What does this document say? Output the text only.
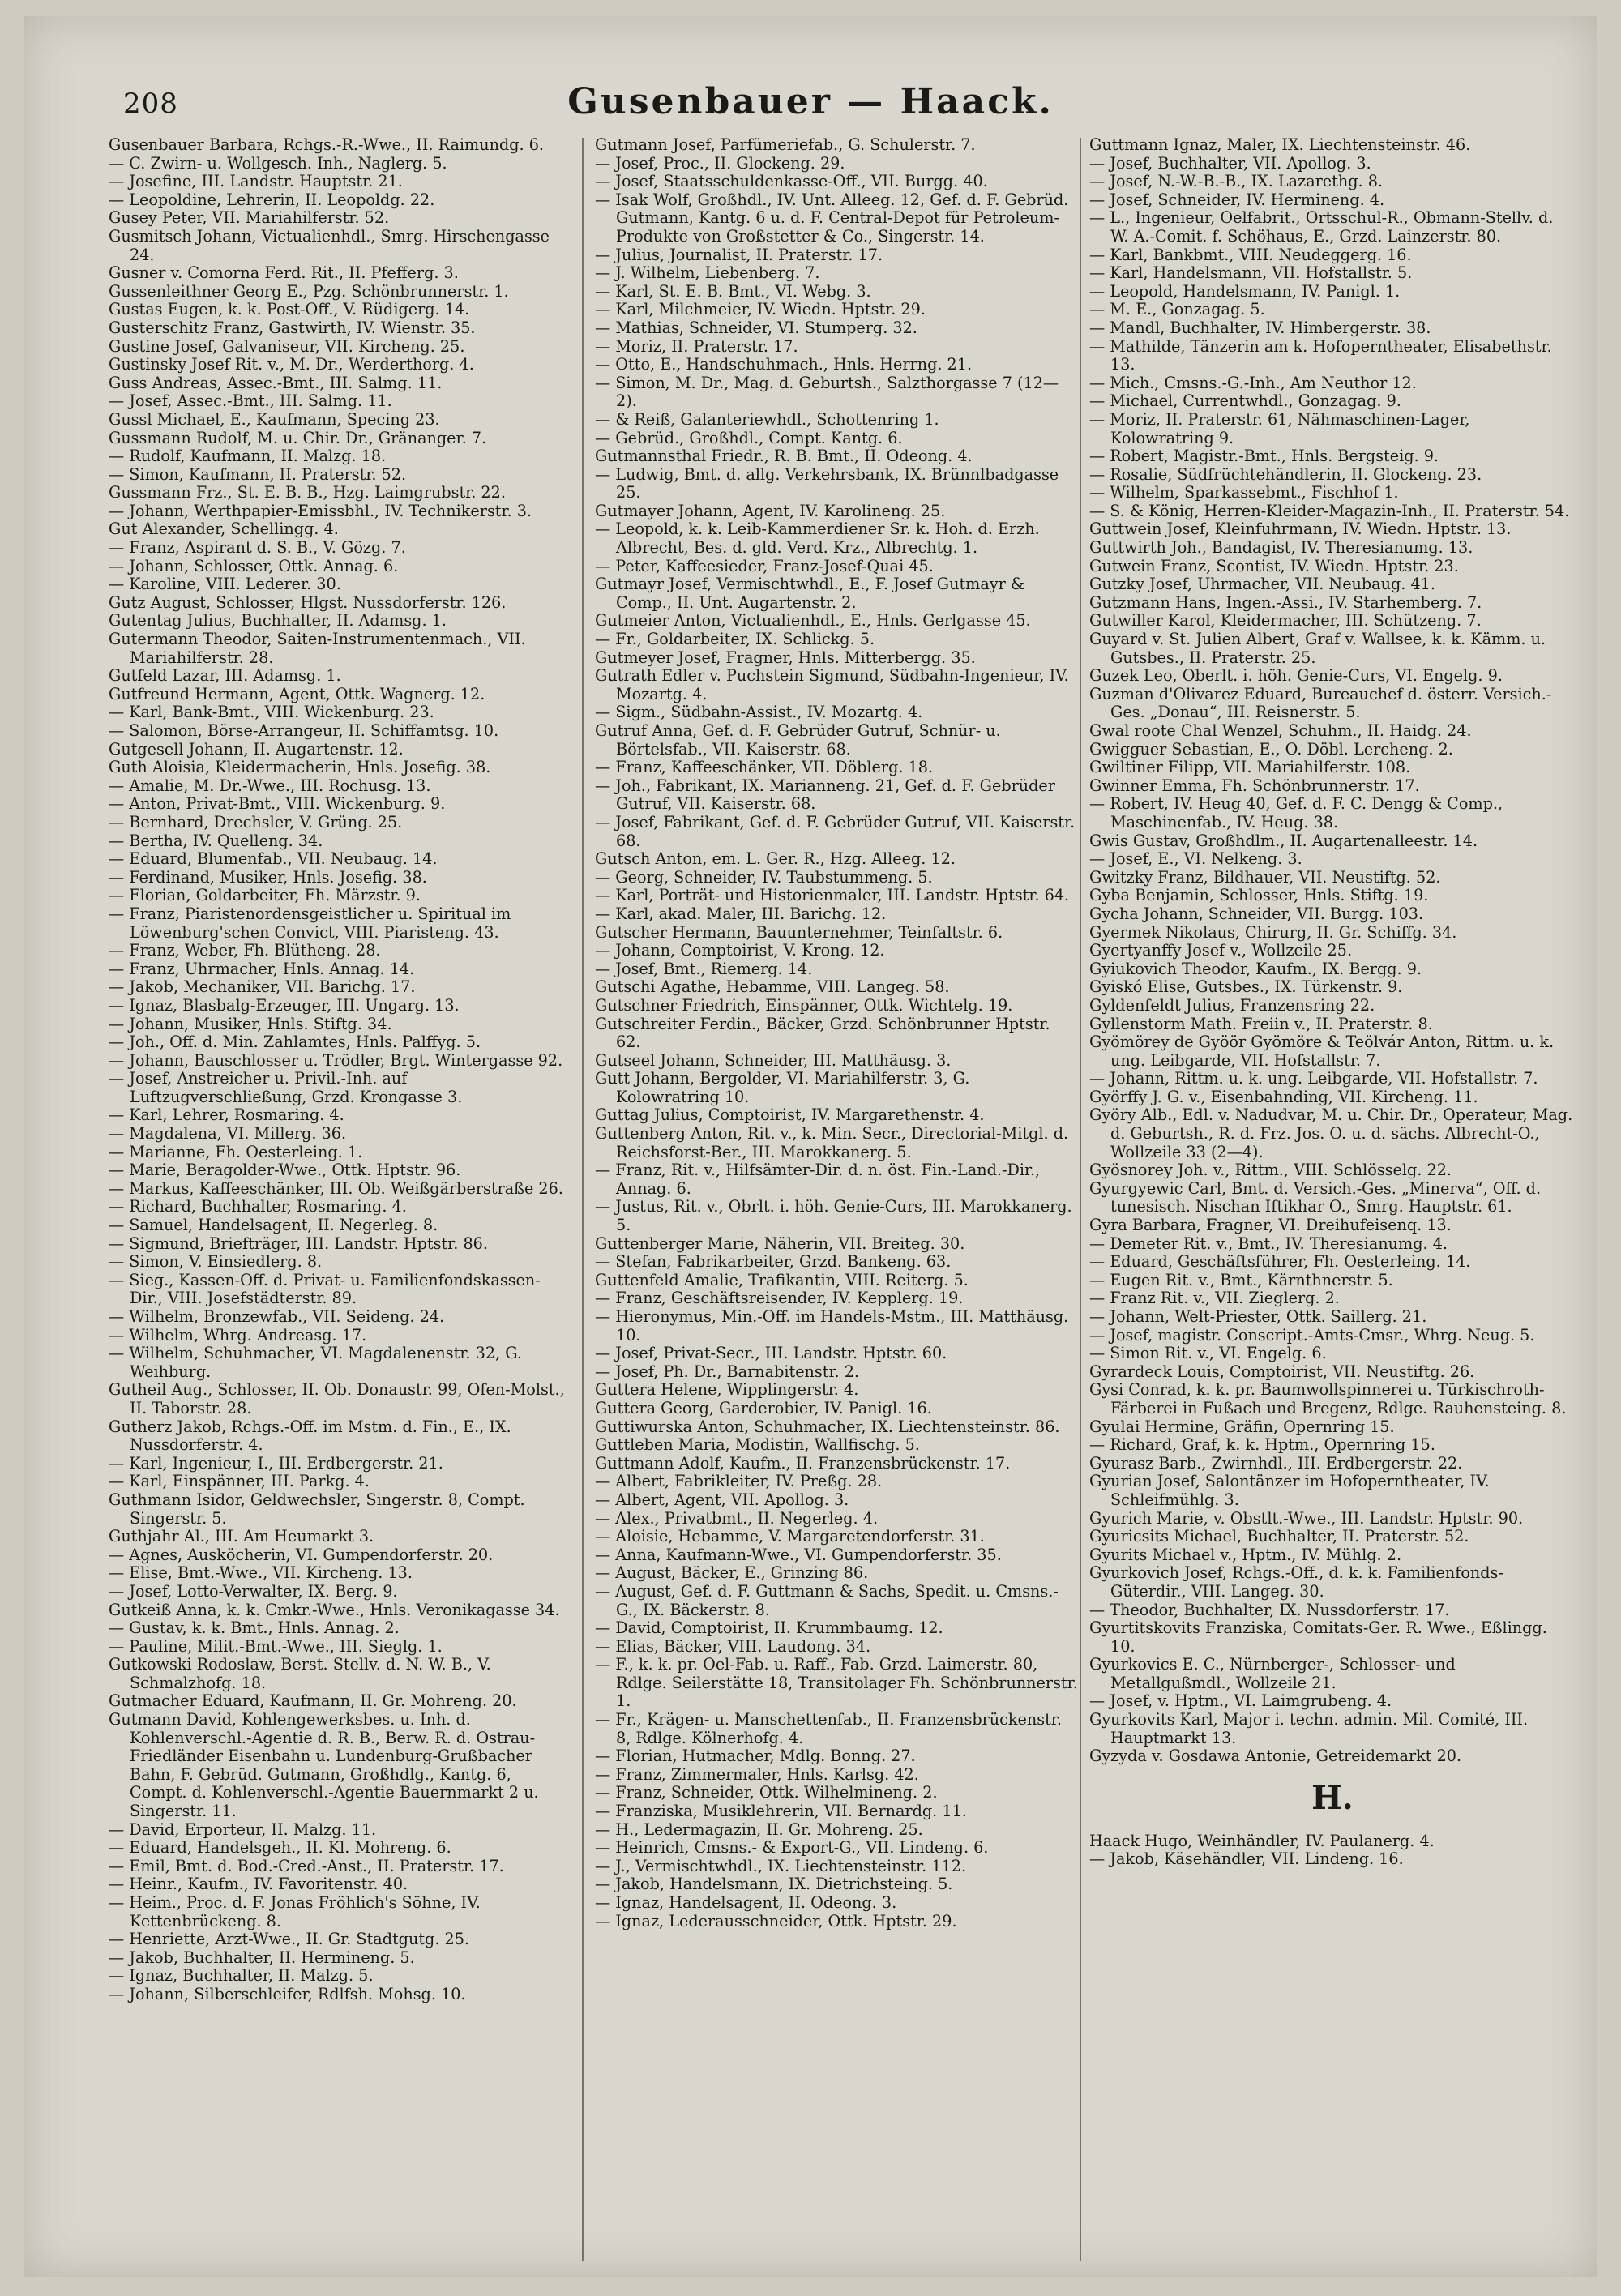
208	Gusenbauer — Haack.
Gusenbauer Barbara, Rchgs.-R.-Wwe., II. Raimundg. 6.
— C. Zwirn- u. Wollgesch. Inh., Naglerg. 5.
— Josefine, III. Landstr. Hauptstr. 21.
— Leopoldine, Lehrerin, II. Leopoldg. 22.
Gusey Peter, VII. Mariahilferstr. 52.
Gusmitsch Johann, Victualienhdl., Smrg. Hirschengasse 24.
Gusner v. Comorna Ferd. Rit., II. Pfefferg. 3.
Gussenleithner Georg E., Pzg. Schönbrunnerstr. 1.
Gustas Eugen, k. k. Post-Off., V. Rüdigerg. 14.
Gusterschitz Franz, Gastwirth, IV. Wienstr. 35.
Gustine Josef, Galvaniseur, VII. Kircheng. 25.
Gustinsky Josef Rit. v., M. Dr., Werderthorg. 4.
Guss Andreas, Assec.-Bmt., III. Salmg. 11.
— Josef, Assec.-Bmt., III. Salmg. 11.
Gussl Michael, E., Kaufmann, Specing 23.
Gussmann Rudolf, M. u. Chir. Dr., Gränanger. 7.
— Rudolf, Kaufmann, II. Malzg. 18.
— Simon, Kaufmann, II. Praterstr. 52.
Gussmann Frz., St. E. B. B., Hzg. Laimgrubstr. 22.
— Johann, Werthpapier-Emissbhl., IV. Technikerstr. 3.
Gut Alexander, Schellingg. 4.
— Franz, Aspirant d. S. B., V. Gözg. 7.
— Johann, Schlosser, Ottk. Annag. 6.
— Karoline, VIII. Lederer. 30.
Gutz August, Schlosser, Hlgst. Nussdorferstr. 126.
Gutentag Julius, Buchhalter, II. Adamsg. 1.
Gutermann Theodor, Saiten-Instrumentenmach., VII. Mariahilferstr. 28.
Gutfeld Lazar, III. Adamsg. 1.
Gutfreund Hermann, Agent, Ottk. Wagnerg. 12.
— Karl, Bank-Bmt., VIII. Wickenburg. 23.
— Salomon, Börse-Arrangeur, II. Schiffamtsg. 10.
Gutgesell Johann, II. Augartenstr. 12.
Guth Aloisia, Kleidermacherin, Hnls. Josefig. 38.
— Amalie, M. Dr.-Wwe., III. Rochusg. 13.
— Anton, Privat-Bmt., VIII. Wickenburg. 9.
— Bernhard, Drechsler, V. Grüng. 25.
— Bertha, IV. Quelleng. 34.
— Eduard, Blumenfab., VII. Neubaug. 14.
— Ferdinand, Musiker, Hnls. Josefig. 38.
— Florian, Goldarbeiter, Fh. Märzstr. 9.
— Franz, Piaristenordensgeistlicher u. Spiritual im Löwenburg'schen Convict, VIII. Piaristeng. 43.
— Franz, Weber, Fh. Blütheng. 28.
— Franz, Uhrmacher, Hnls. Annag. 14.
— Jakob, Mechaniker, VII. Barichg. 17.
— Ignaz, Blasbalg-Erzeuger, III. Ungarg. 13.
— Johann, Musiker, Hnls. Stiftg. 34.
— Joh., Off. d. Min. Zahlamtes, Hnls. Palffyg. 5.
— Johann, Bauschlosser u. Trödler, Brgt. Wintergasse 92.
— Josef, Anstreicher u. Privil.-Inh. auf Luftzugverschließung, Grzd. Krongasse 3.
— Karl, Lehrer, Rosmaring. 4.
— Magdalena, VI. Millerg. 36.
— Marianne, Fh. Oesterleing. 1.
— Marie, Beragolder-Wwe., Ottk. Hptstr. 96.
— Markus, Kaffeeschänker, III. Ob. Weißgärberstraße 26.
— Richard, Buchhalter, Rosmaring. 4.
— Samuel, Handelsagent, II. Negerleg. 8.
— Sigmund, Briefträger, III. Landstr. Hptstr. 86.
— Simon, V. Einsiedlerg. 8.
— Sieg., Kassen-Off. d. Privat- u. Familienfondskassen-Dir., VIII. Josefstädterstr. 89.
— Wilhelm, Bronzewfab., VII. Seideng. 24.
— Wilhelm, Whrg. Andreasg. 17.
— Wilhelm, Schuhmacher, VI. Magdalenenstr. 32, G. Weihburg.
Gutheil Aug., Schlosser, II. Ob. Donaustr. 99, Ofen-Molst., II. Taborstr. 28.
Gutherz Jakob, Rchgs.-Off. im Mstm. d. Fin., E., IX. Nussdorferstr. 4.
— Karl, Ingenieur, I., III. Erdbergerstr. 21.
— Karl, Einspänner, III. Parkg. 4.
Guthmann Isidor, Geldwechsler, Singerstr. 8, Compt. Singerstr. 5.
Guthjahr Al., III. Am Heumarkt 3.
— Agnes, Ausköcherin, VI. Gumpendorferstr. 20.
— Elise, Bmt.-Wwe., VII. Kircheng. 13.
— Josef, Lotto-Verwalter, IX. Berg. 9.
Gutkeiß Anna, k. k. Cmkr.-Wwe., Hnls. Veronikagasse 34.
— Gustav, k. k. Bmt., Hnls. Annag. 2.
— Pauline, Milit.-Bmt.-Wwe., III. Sieglg. 1.
Gutkowski Rodoslaw, Berst. Stellv. d. N. W. B., V. Schmalzhofg. 18.
Gutmacher Eduard, Kaufmann, II. Gr. Mohreng. 20.
Gutmann David, Kohlengewerksbes. u. Inh. d. Kohlenverschl.-Agentie d. R. B., Berw. R. d. Ostrau-Friedländer Eisenbahn u. Lundenburg-Grußbacher Bahn, F. Gebrüd. Gutmann, Großhdlg., Kantg. 6, Compt. d. Kohlenverschl.-Agentie Bauernmarkt 2 u. Singerstr. 11.
— David, Erporteur, II. Malzg. 11.
— Eduard, Handelsgeh., II. Kl. Mohreng. 6.
— Emil, Bmt. d. Bod.-Cred.-Anst., II. Praterstr. 17.
— Heinr., Kaufm., IV. Favoritenstr. 40.
— Heim., Proc. d. F. Jonas Fröhlich's Söhne, IV. Kettenbrückeng. 8.
— Henriette, Arzt-Wwe., II. Gr. Stadtgutg. 25.
— Jakob, Buchhalter, II. Hermineng. 5.
— Ignaz, Buchhalter, II. Malzg. 5.
— Johann, Silberschleifer, Rdlfsh. Mohsg. 10.
Gutmann Josef, Parfümeriefab., G. Schulerstr. 7.
— Josef, Proc., II. Glockeng. 29.
— Josef, Staatsschuldenkasse-Off., VII. Burgg. 40.
— Isak Wolf, Großhdl., IV. Unt. Alleeg. 12, Gef. d. F. Gebrüd. Gutmann, Kantg. 6 u. d. F. Central-Depot für Petroleum-Produkte von Großstetter & Co., Singerstr. 14.
— Julius, Journalist, II. Praterstr. 17.
— J. Wilhelm, Liebenberg. 7.
— Karl, St. E. B. Bmt., VI. Webg. 3.
— Karl, Milchmeier, IV. Wiedn. Hptstr. 29.
— Mathias, Schneider, VI. Stumperg. 32.
— Moriz, II. Praterstr. 17.
— Otto, E., Handschuhmach., Hnls. Herrng. 21.
— Simon, M. Dr., Mag. d. Geburtsh., Salzthorgasse 7 (12—2).
— & Reiß, Galanteriewhdl., Schottenring 1.
— Gebrüd., Großhdl., Compt. Kantg. 6.
Gutmannsthal Friedr., R. B. Bmt., II. Odeong. 4.
— Ludwig, Bmt. d. allg. Verkehrsbank, IX. Brünnlbadgasse 25.
Gutmayer Johann, Agent, IV. Karolineng. 25.
— Leopold, k. k. Leib-Kammerdiener Sr. k. Hoh. d. Erzh. Albrecht, Bes. d. gld. Verd. Krz., Albrechtg. 1.
— Peter, Kaffeesieder, Franz-Josef-Quai 45.
Gutmayr Josef, Vermischtwhdl., E., F. Josef Gutmayr & Comp., II. Unt. Augartenstr. 2.
Gutmeier Anton, Victualienhdl., E., Hnls. Gerlgasse 45.
— Fr., Goldarbeiter, IX. Schlickg. 5.
Gutmeyer Josef, Fragner, Hnls. Mitterbergg. 35.
Gutrath Edler v. Puchstein Sigmund, Südbahn-Ingenieur, IV. Mozartg. 4.
— Sigm., Südbahn-Assist., IV. Mozartg. 4.
Gutruf Anna, Gef. d. F. Gebrüder Gutruf, Schnür- u. Börtelsfab., VII. Kaiserstr. 68.
— Franz, Kaffeeschänker, VII. Döblerg. 18.
— Joh., Fabrikant, IX. Marianneng. 21, Gef. d. F. Gebrüder Gutruf, VII. Kaiserstr. 68.
— Josef, Fabrikant, Gef. d. F. Gebrüder Gutruf, VII. Kaiserstr. 68.
Gutsch Anton, em. L. Ger. R., Hzg. Alleeg. 12.
— Georg, Schneider, IV. Taubstummeng. 5.
— Karl, Porträt- und Historienmaler, III. Landstr. Hptstr. 64.
— Karl, akad. Maler, III. Barichg. 12.
Gutscher Hermann, Bauunternehmer, Teinfaltstr. 6.
— Johann, Comptoirist, V. Krong. 12.
— Josef, Bmt., Riemerg. 14.
Gutschi Agathe, Hebamme, VIII. Langeg. 58.
Gutschner Friedrich, Einspänner, Ottk. Wichtelg. 19.
Gutschreiter Ferdin., Bäcker, Grzd. Schönbrunner Hptstr. 62.
Gutseel Johann, Schneider, III. Matthäusg. 3.
Gutt Johann, Bergolder, VI. Mariahilferstr. 3, G. Kolowratring 10.
Guttag Julius, Comptoirist, IV. Margarethenstr. 4.
Guttenberg Anton, Rit. v., k. Min. Secr., Directorial-Mitgl. d. Reichsforst-Ber., III. Marokkanerg. 5.
— Franz, Rit. v., Hilfsämter-Dir. d. n. öst. Fin.-Land.-Dir., Annag. 6.
— Justus, Rit. v., Obrlt. i. höh. Genie-Curs, III. Marokkanerg. 5.
Guttenberger Marie, Näherin, VII. Breiteg. 30.
— Stefan, Fabrikarbeiter, Grzd. Bankeng. 63.
Guttenfeld Amalie, Trafikantin, VIII. Reiterg. 5.
— Franz, Geschäftsreisender, IV. Kepplerg. 19.
— Hieronymus, Min.-Off. im Handels-Mstm., III. Matthäusg. 10.
— Josef, Privat-Secr., III. Landstr. Hptstr. 60.
— Josef, Ph. Dr., Barnabitenstr. 2.
Guttera Helene, Wipplingerstr. 4.
Guttera Georg, Garderobier, IV. Panigl. 16.
Guttiwurska Anton, Schuhmacher, IX. Liechtensteinstr. 86.
Guttleben Maria, Modistin, Wallfischg. 5.
Guttmann Adolf, Kaufm., II. Franzensbrückenstr. 17.
— Albert, Fabrikleiter, IV. Preßg. 28.
— Albert, Agent, VII. Apollog. 3.
— Alex., Privatbmt., II. Negerleg. 4.
— Aloisie, Hebamme, V. Margaretendorferstr. 31.
— Anna, Kaufmann-Wwe., VI. Gumpendorferstr. 35.
— August, Bäcker, E., Grinzing 86.
— August, Gef. d. F. Guttmann & Sachs, Spedit. u. Cmsns.-G., IX. Bäckerstr. 8.
— David, Comptoirist, II. Krummbaumg. 12.
— Elias, Bäcker, VIII. Laudong. 34.
— F., k. k. pr. Oel-Fab. u. Raff., Fab. Grzd. Laimerstr. 80, Rdlge. Seilerstätte 18, Transitolager Fh. Schönbrunnerstr. 1.
— Fr., Krägen- u. Manschettenfab., II. Franzensbrückenstr. 8, Rdlge. Kölnerhofg. 4.
— Florian, Hutmacher, Mdlg. Bonng. 27.
— Franz, Zimmermaler, Hnls. Karlsg. 42.
— Franz, Schneider, Ottk. Wilhelmineng. 2.
— Franziska, Musiklehrerin, VII. Bernardg. 11.
— H., Ledermagazin, II. Gr. Mohreng. 25.
— Heinrich, Cmsns.- & Export-G., VII. Lindeng. 6.
— J., Vermischtwhdl., IX. Liechtensteinstr. 112.
— Jakob, Handelsmann, IX. Dietrichsteing. 5.
— Ignaz, Handelsagent, II. Odeong. 3.
— Ignaz, Lederausschneider, Ottk. Hptstr. 29.
Guttmann Ignaz, Maler, IX. Liechtensteinstr. 46.
— Josef, Buchhalter, VII. Apollog. 3.
— Josef, N.-W.-B.-B., IX. Lazarethg. 8.
— Josef, Schneider, IV. Hermineng. 4.
— L., Ingenieur, Oelfabrit., Ortsschul-R., Obmann-Stellv. d. W. A.-Comit. f. Schöhaus, E., Grzd. Lainzerstr. 80.
— Karl, Bankbmt., VIII. Neudeggerg. 16.
— Karl, Handelsmann, VII. Hofstallstr. 5.
— Leopold, Handelsmann, IV. Panigl. 1.
— M. E., Gonzagag. 5.
— Mandl, Buchhalter, IV. Himbergerstr. 38.
— Mathilde, Tänzerin am k. Hofoperntheater, Elisabethstr. 13.
— Mich., Cmsns.-G.-Inh., Am Neuthor 12.
— Michael, Currentwhdl., Gonzagag. 9.
— Moriz, II. Praterstr. 61, Nähmaschinen-Lager, Kolowratring 9.
— Robert, Magistr.-Bmt., Hnls. Bergsteig. 9.
— Rosalie, Südfrüchtehändlerin, II. Glockeng. 23.
— Wilhelm, Sparkassebmt., Fischhof 1.
— S. & König, Herren-Kleider-Magazin-Inh., II. Praterstr. 54.
Guttwein Josef, Kleinfuhrmann, IV. Wiedn. Hptstr. 13.
Guttwirth Joh., Bandagist, IV. Theresianumg. 13.
Gutwein Franz, Scontist, IV. Wiedn. Hptstr. 23.
Gutzky Josef, Uhrmacher, VII. Neubaug. 41.
Gutzmann Hans, Ingen.-Assi., IV. Starhemberg. 7.
Gutwiller Karol, Kleidermacher, III. Schützeng. 7.
Guyard v. St. Julien Albert, Graf v. Wallsee, k. k. Kämm. u. Gutsbes., II. Praterstr. 25.
Guzek Leo, Oberlt. i. höh. Genie-Curs, VI. Engelg. 9.
Guzman d'Olivarez Eduard, Bureauchef d. österr. Versich.-Ges. „Donau“, III. Reisnerstr. 5.
Gwal roote Chal Wenzel, Schuhm., II. Haidg. 24.
Gwigguer Sebastian, E., O. Döbl. Lercheng. 2.
Gwiltiner Filipp, VII. Mariahilferstr. 108.
Gwinner Emma, Fh. Schönbrunnerstr. 17.
— Robert, IV. Heug 40, Gef. d. F. C. Dengg & Comp., Maschinenfab., IV. Heug. 38.
Gwis Gustav, Großhdlm., II. Augartenalleestr. 14.
— Josef, E., VI. Nelkeng. 3.
Gwitzky Franz, Bildhauer, VII. Neustiftg. 52.
Gyba Benjamin, Schlosser, Hnls. Stiftg. 19.
Gycha Johann, Schneider, VII. Burgg. 103.
Gyermek Nikolaus, Chirurg, II. Gr. Schiffg. 34.
Gyertyanffy Josef v., Wollzeile 25.
Gyiukovich Theodor, Kaufm., IX. Bergg. 9.
Gyiskó Elise, Gutsbes., IX. Türkenstr. 9.
Gyldenfeldt Julius, Franzensring 22.
Gyllenstorm Math. Freiin v., II. Praterstr. 8.
Gyömörey de Gyöör Gyömöre & Teölvár Anton, Rittm. u. k. ung. Leibgarde, VII. Hofstallstr. 7.
— Johann, Rittm. u. k. ung. Leibgarde, VII. Hofstallstr. 7.
Györffy J. G. v., Eisenbahnding, VII. Kircheng. 11.
Györy Alb., Edl. v. Nadudvar, M. u. Chir. Dr., Operateur, Mag. d. Geburtsh., R. d. Frz. Jos. O. u. d. sächs. Albrecht-O., Wollzeile 33 (2—4).
Gyösnorey Joh. v., Rittm., VIII. Schlösselg. 22.
Gyurgyewic Carl, Bmt. d. Versich.-Ges. „Minerva“, Off. d. tunesisch. Nischan Iftikhar O., Smrg. Hauptstr. 61.
Gyra Barbara, Fragner, VI. Dreihufeisenq. 13.
— Demeter Rit. v., Bmt., IV. Theresianumg. 4.
— Eduard, Geschäftsführer, Fh. Oesterleing. 14.
— Eugen Rit. v., Bmt., Kärnthnerstr. 5.
— Franz Rit. v., VII. Zieglerg. 2.
— Johann, Welt-Priester, Ottk. Saillerg. 21.
— Josef, magistr. Conscript.-Amts-Cmsr., Whrg. Neug. 5.
— Simon Rit. v., VI. Engelg. 6.
Gyrardeck Louis, Comptoirist, VII. Neustiftg. 26.
Gysi Conrad, k. k. pr. Baumwollspinnerei u. Türkischroth-Färberei in Fußach und Bregenz, Rdlge. Rauhensteing. 8.
Gyulai Hermine, Gräfin, Opernring 15.
— Richard, Graf, k. k. Hptm., Opernring 15.
Gyurasz Barb., Zwirnhdl., III. Erdbergerstr. 22.
Gyurian Josef, Salontänzer im Hofoperntheater, IV. Schleifmühlg. 3.
Gyurich Marie, v. Obstlt.-Wwe., III. Landstr. Hptstr. 90.
Gyuricsits Michael, Buchhalter, II. Praterstr. 52.
Gyurits Michael v., Hptm., IV. Mühlg. 2.
Gyurkovich Josef, Rchgs.-Off., d. k. k. Familienfonds-Güterdir., VIII. Langeg. 30.
— Theodor, Buchhalter, IX. Nussdorferstr. 17.
Gyurtitskovits Franziska, Comitats-Ger. R. Wwe., Eßlingg. 10.
Gyurkovics E. C., Nürnberger-, Schlosser- und Metallgußmdl., Wollzeile 21.
— Josef, v. Hptm., VI. Laimgrubeng. 4.
Gyurkovits Karl, Major i. techn. admin. Mil. Comité, III. Hauptmarkt 13.
Gyzyda v. Gosdawa Antonie, Getreidemarkt 20.
H.
Haack Hugo, Weinhändler, IV. Paulanerg. 4.
— Jakob, Käsehändler, VII. Lindeng. 16.
